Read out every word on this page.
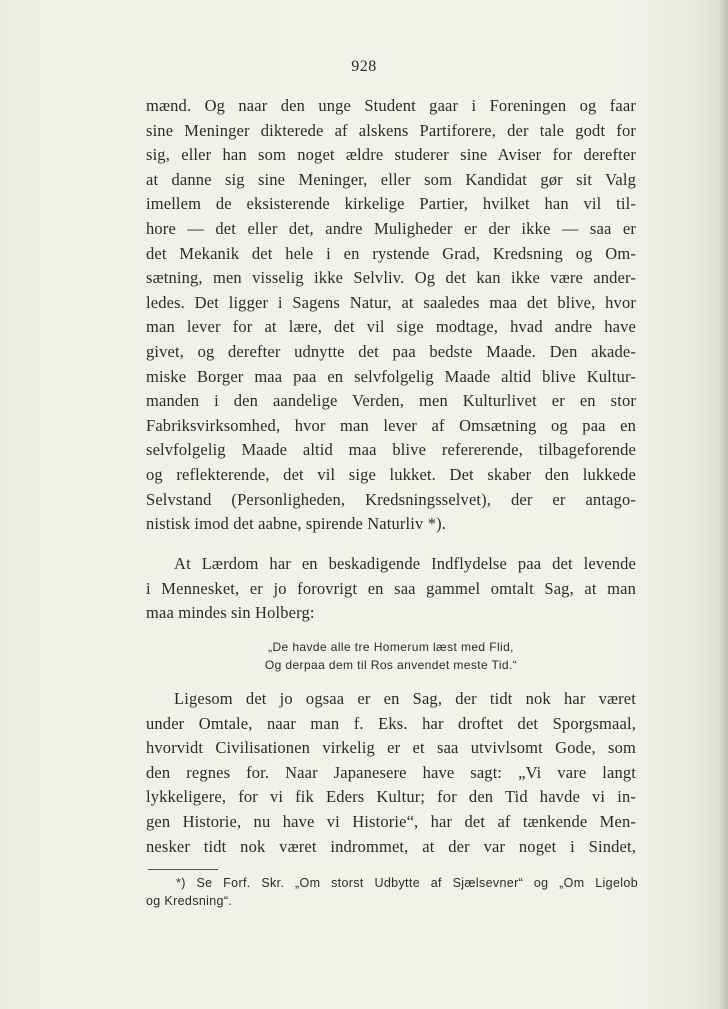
928
mænd. Og naar den unge Student gaar i Foreningen og faar
sine Meninger dikterede af alskens Partiforere, der tale godt for
sig, eller han som noget ældre studerer sine Aviser for derefter
at danne sig sine Meninger, eller som Kandidat gør sit Valg
imellem de eksisterende kirkelige Partier, hvilket han vil til-
hore — det eller det, andre Muligheder er der ikke — saa er
det Mekanik det hele i en rystende Grad, Kredsning og Om-
sætning, men visselig ikke Selvliv. Og det kan ikke være ander-
ledes. Det ligger i Sagens Natur, at saaledes maa det blive, hvor
man lever for at lære, det vil sige modtage, hvad andre have
givet, og derefter udnytte det paa bedste Maade. Den akade-
miske Borger maa paa en selvfolgelig Maade altid blive Kultur-
manden i den aandelige Verden, men Kulturlivet er en stor
Fabriksvirksomhed, hvor man lever af Omsætning og paa en
selvfolgelig Maade altid maa blive refererende, tilbageforende
og reflekterende, det vil sige lukket. Det skaber den lukkede
Selvstand (Personligheden, Kredsningsselvet), der er antago-
nistisk imod det aabne, spirende Naturliv *).
At Lærdom har en beskadigende Indflydelse paa det levende
i Mennesket, er jo forovrigt en saa gammel omtalt Sag, at man
maa mindes sin Holberg:
„De havde alle tre Homerum læst med Flid,
Og derpaa dem til Ros anvendet meste Tid.“
Ligesom det jo ogsaa er en Sag, der tidt nok har været
under Omtale, naar man f. Eks. har droftet det Sporgsmaal,
hvorvidt Civilisationen virkelig er et saa utvivlsomt Gode, som
den regnes for. Naar Japanesere have sagt: „Vi vare langt
lykkeligere, for vi fik Eders Kultur; for den Tid havde vi in-
gen Historie, nu have vi Historie“, har det af tænkende Men-
nesker tidt nok været indrommet, at der var noget i Sindet,
*) Se Forf. Skr. „Om storst Udbytte af Sjælsevner“ og „Om Ligelob
og Kredsning“.
